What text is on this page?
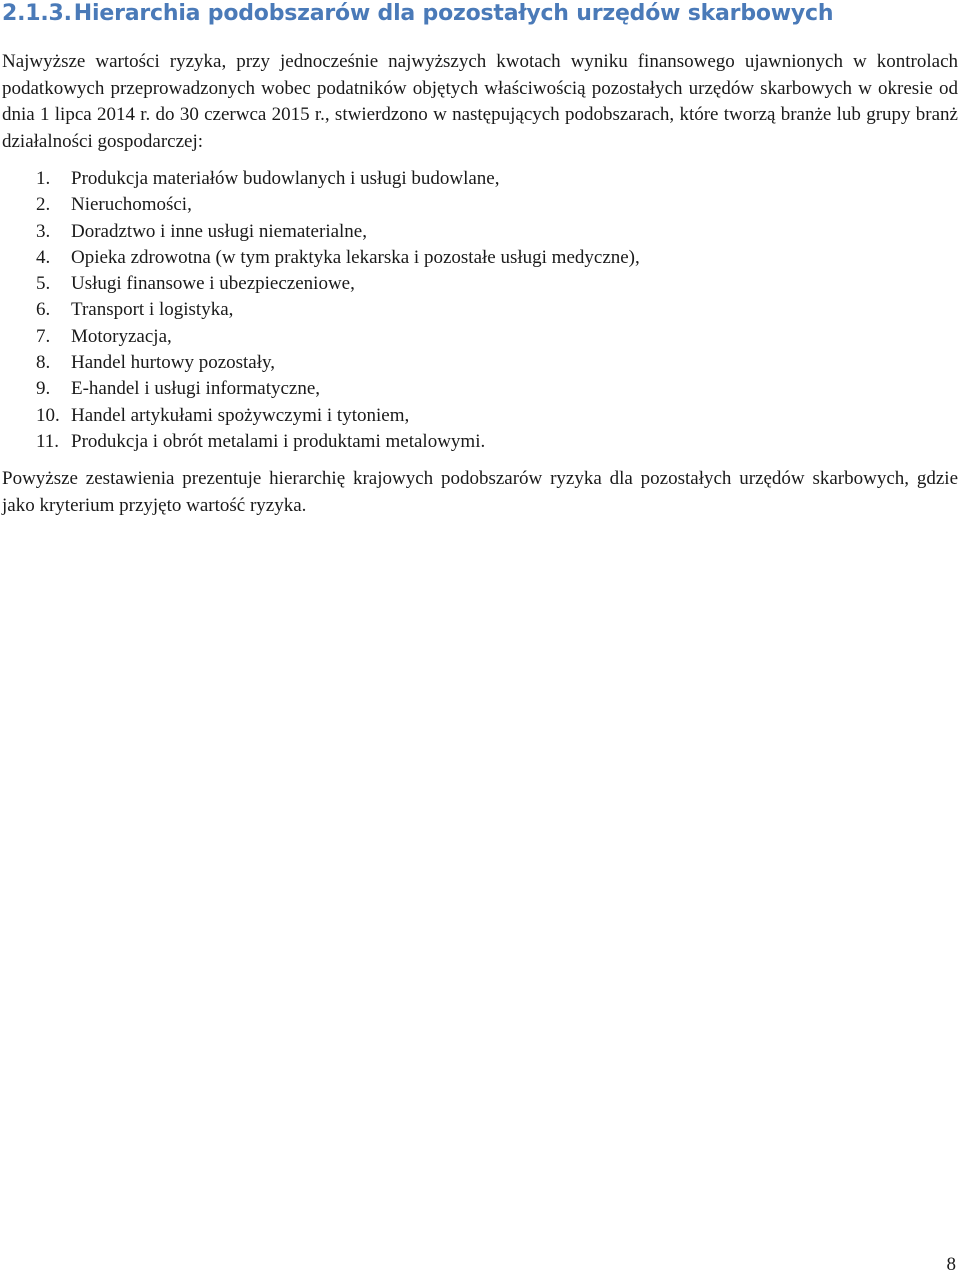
2.1.3.Hierarchia podobszarów dla pozostałych urzędów skarbowych

Najwyższe wartości ryzyka, przy jednocześnie najwyższych kwotach wyniku finansowego ujawnionych w kontrolach podatkowych przeprowadzonych wobec podatników objętych właściwością pozostałych urzędów skarbowych w okresie od dnia 1 lipca 2014 r. do 30 czerwca 2015 r., stwierdzono w następujących podobszarach, które tworzą branże lub grupy branż działalności gospodarczej:

1.	Produkcja materiałów budowlanych i usługi budowlane,
2.	Nieruchomości,
3.	Doradztwo i inne usługi niematerialne,
4.	Opieka zdrowotna (w tym praktyka lekarska i pozostałe usługi medyczne),
5.	Usługi finansowe i ubezpieczeniowe,
6.	Transport i logistyka,
7.	Motoryzacja,
8.	Handel hurtowy pozostały,
9.	E-handel i usługi informatyczne,
10. Handel artykułami spożywczymi i tytoniem,
11. Produkcja i obrót metalami i produktami metalowymi.

Powyższe zestawienia prezentuje hierarchię krajowych podobszarów ryzyka dla pozostałych urzędów skarbowych, gdzie jako kryterium przyjęto wartość ryzyka.

8
